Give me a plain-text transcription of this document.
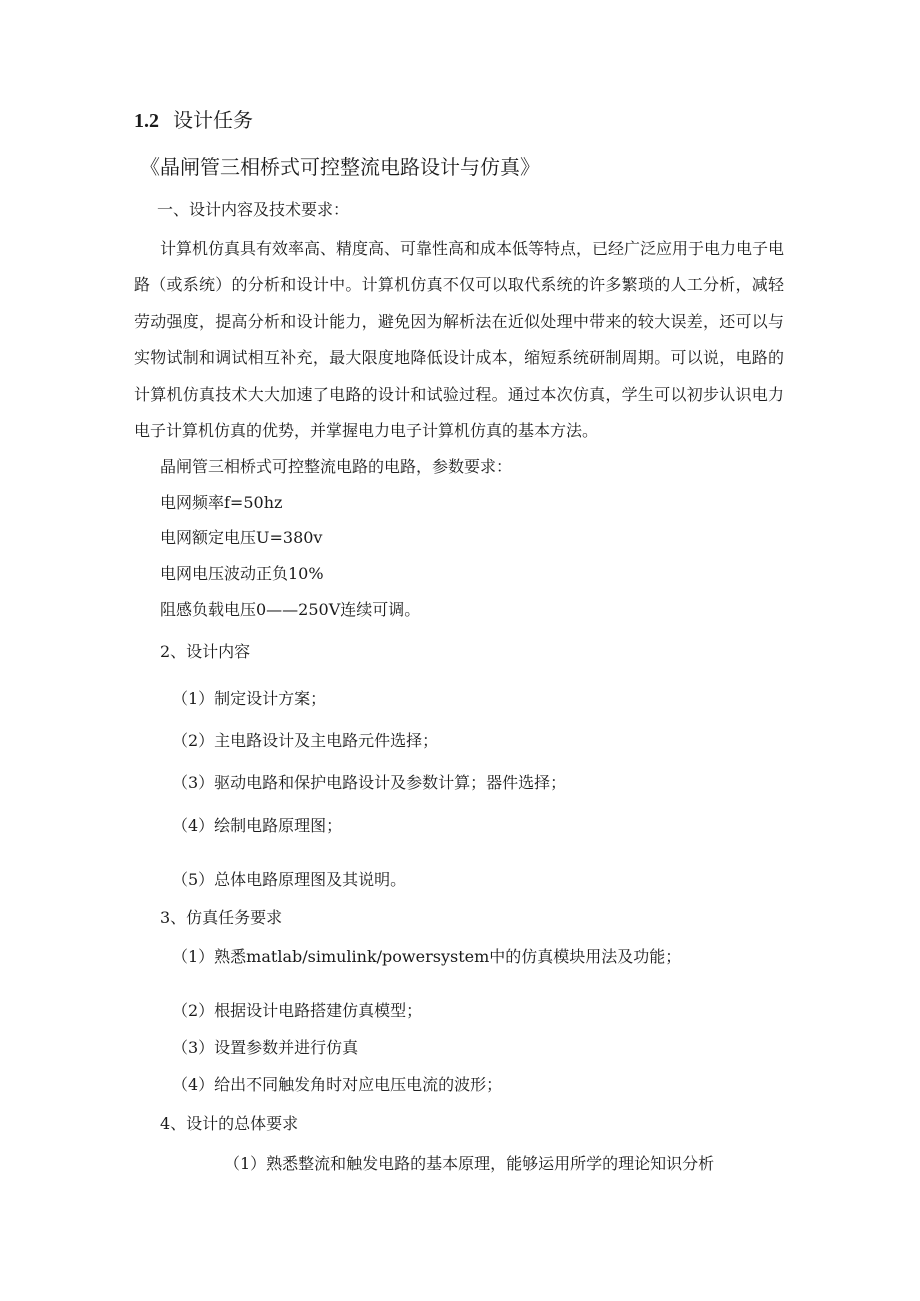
1.2 设计任务
《晶闸管三相桥式可控整流电路设计与仿真》
一、设计内容及技术要求：

计算机仿真具有效率高、精度高、可靠性高和成本低等特点，已经广泛应用于电力电子电路（或系统）的分析和设计中。计算机仿真不仅可以取代系统的许多繁琐的人工分析，减轻劳动强度，提高分析和设计能力，避免因为解析法在近似处理中带来的较大误差，还可以与实物试制和调试相互补充，最大限度地降低设计成本，缩短系统研制周期。可以说，电路的计算机仿真技术大大加速了电路的设计和试验过程。通过本次仿真，学生可以初步认识电力电子计算机仿真的优势，并掌握电力电子计算机仿真的基本方法。

晶闸管三相桥式可控整流电路的电路，参数要求：
电网频率f=50hz
电网额定电压U=380v
电网电压波动正负10%
阻感负载电压0——250V连续可调。
2、设计内容
（1）制定设计方案；
（2）主电路设计及主电路元件选择；
（3）驱动电路和保护电路设计及参数计算；器件选择；
（4）绘制电路原理图；
（5）总体电路原理图及其说明。
3、仿真任务要求
（1）熟悉matlab/simulink/powersystem中的仿真模块用法及功能；
（2）根据设计电路搭建仿真模型；
（3）设置参数并进行仿真
（4）给出不同触发角时对应电压电流的波形；
4、设计的总体要求
（1）熟悉整流和触发电路的基本原理，能够运用所学的理论知识分析
